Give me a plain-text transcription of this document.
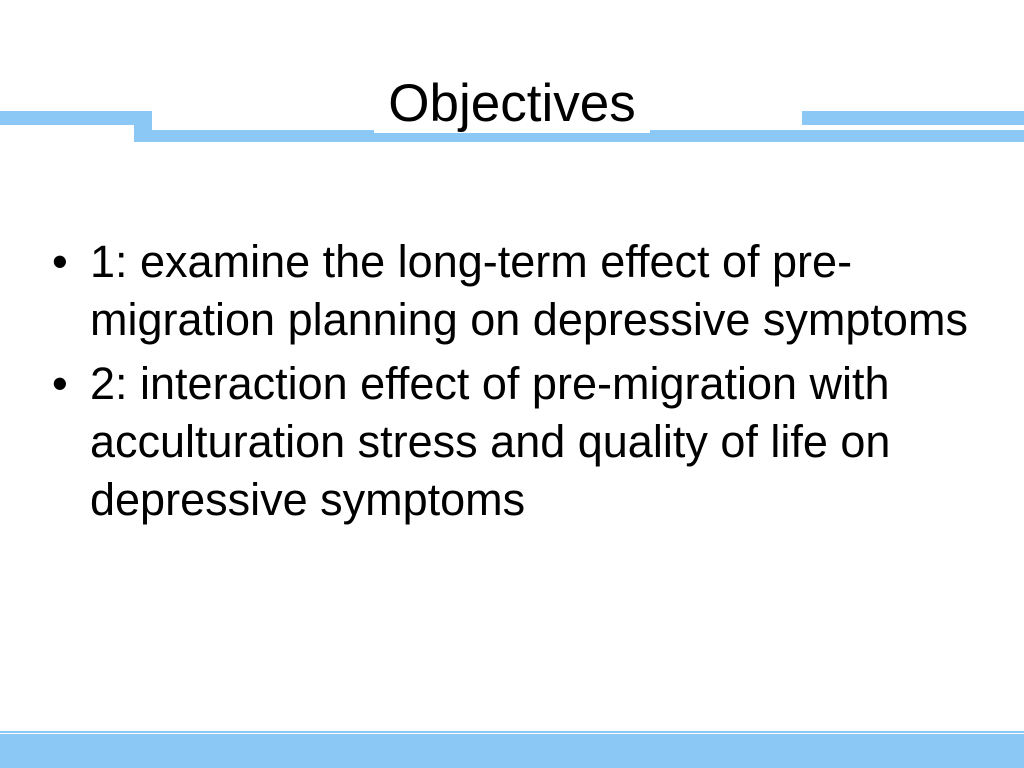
Objectives
• 1: examine the long-term effect of pre-migration planning on depressive symptoms
• 2: interaction effect of pre-migration with acculturation stress and quality of life on depressive symptoms
